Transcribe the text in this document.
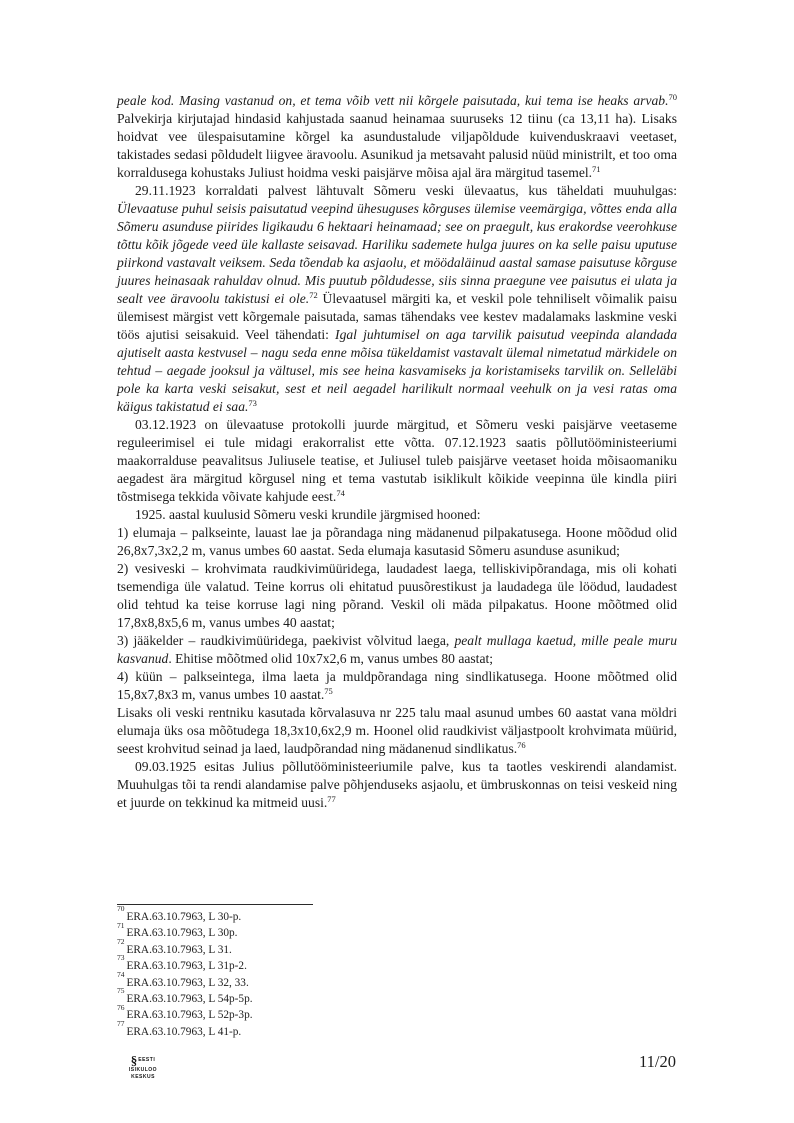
peale kod. Masing vastanud on, et tema võib vett nii kõrgele paisutada, kui tema ise heaks arvab.$^{70}$ Palvekirja kirjutajad hindasid kahjustada saanud heinamaa suuruseks 12 tiinu (ca 13,11 ha). Lisaks hoidvat vee ülespaisutamine kõrgel ka asundustalude viljapõldude kuivenduskraavi veetaset, takistades sedasi põldudelt liigvee äravoolu. Asunikud ja metsavaht palusid nüüd ministrilt, et too oma korraldusega kohustaks Juliust hoidma veski paisjärve mõisa ajal ära märgitud tasemel.$^{71}$

29.11.1923 korraldati palvest lähtuvalt Sõmeru veski ülevaatus, kus täheldati muuhulgas: Ülevaatuse puhul seisis paisutatud veepind ühesuguses kõrguses ülemise veemärgiga, võttes enda alla Sõmeru asunduse piirides ligikaudu 6 hektaari heinamaad; see on praegult, kus erakordse veerohkuse tõttu kõik jõgede veed üle kallaste seisavad. Hariliku sademete hulga juures on ka selle paisu uputuse piirkond vastavalt veiksem. Seda tõendab ka asjaolu, et möödaläinud aastal samase paisutuse kõrguse juures heinasaak rahuldav olnud. Mis puutub põldudesse, siis sinna praegune vee paisutus ei ulata ja sealt vee äravoolu takistusi ei ole.$^{72}$ Ülevaatusel märgiti ka, et veskil pole tehniliselt võimalik paisu ülemisest märgist vett kõrgemale paisutada, samas tähendaks vee kestev madalamaks laskmine veski töös ajutisi seisakuid. Veel tähendati: Igal juhtumisel on aga tarvilik paisutud veepinda alandada ajutiselt aasta kestvusel – nagu seda enne mõisa tükeldamist vastavalt ülemal nimetatud märkidele on tehtud – aegade jooksul ja vältusel, mis see heina kasvamiseks ja koristamiseks tarvilik on. Selleläbi pole ka karta veski seisakut, sest et neil aegadel harilikult normaal veehulk on ja vesi ratas oma käigus takistatud ei saa.$^{73}$

03.12.1923 on ülevaatuse protokolli juurde märgitud, et Sõmeru veski paisjärve veetaseme reguleerimisel ei tule midagi erakorralist ette võtta. 07.12.1923 saatis põllutööministeeriumi maakorralduse peavalitsus Juliusele teatise, et Juliusel tuleb paisjärve veetaset hoida mõisaomaniku aegadest ära märgitud kõrgusel ning et tema vastutab isiklikult kõikide veepinna üle kindla piiri tõstmisega tekkida võivate kahjude eest.$^{74}$

1925. aastal kuulusid Sõmeru veski krundile järgmised hooned:

1) elumaja – palkseinte, lauast lae ja põrandaga ning mädanenud pilpakatusega. Hoone mõõdud olid 26,8x7,3x2,2 m, vanus umbes 60 aastat. Seda elumaja kasutasid Sõmeru asunduse asunikud;

2) vesiveski – krohvimata raudkivimüüridega, laudadest laega, telliskivipõrandaga, mis oli kohati tsemendiga üle valatud. Teine korrus oli ehitatud puusõrestikust ja laudadega üle löödud, laudadest olid tehtud ka teise korruse lagi ning põrand. Veskil oli mäda pilpakatus. Hoone mõõtmed olid 17,8x8,8x5,6 m, vanus umbes 40 aastat;

3) jääkelder – raudkivimüüridega, paekivist võlvitud laega, pealt mullaga kaetud, mille peale muru kasvanud. Ehitise mõõtmed olid 10x7x2,6 m, vanus umbes 80 aastat;

4) küün – palkseintega, ilma laeta ja muldpõrandaga ning sindlikatusega. Hoone mõõtmed olid 15,8x7,8x3 m, vanus umbes 10 aastat.$^{75}$

Lisaks oli veski rentniku kasutada kõrvalasuva nr 225 talu maal asunud umbes 60 aastat vana möldri elumaja üks osa mõõtudega 18,3x10,6x2,9 m. Hoonel olid raudkivist väljastpoolt krohvimata müürid, seest krohvitud seinad ja laed, laudpõrandad ning mädanenud sindlikatus.$^{76}$

09.03.1925 esitas Julius põllutööministeeriumile palve, kus ta taotles veskirendi alandamist. Muuhulgas tõi ta rendi alandamise palve põhjenduseks asjaolu, et ümbruskonnas on teisi veskeid ning et juurde on tekkinud ka mitmeid uusi.$^{77}$

$^{70}$ERA.63.10.7963, L 30-p.
$^{71}$ERA.63.10.7963, L 30p.
$^{72}$ERA.63.10.7963, L 31.
$^{73}$ERA.63.10.7963, L 31p-2.
$^{74}$ERA.63.10.7963, L 32, 33.
$^{75}$ERA.63.10.7963, L 54p-5p.
$^{76}$ERA.63.10.7963, L 52p-3p.
$^{77}$ERA.63.10.7963, L 41-p.
§ EESTI
ISIKULOO
KESKUS
11/20
